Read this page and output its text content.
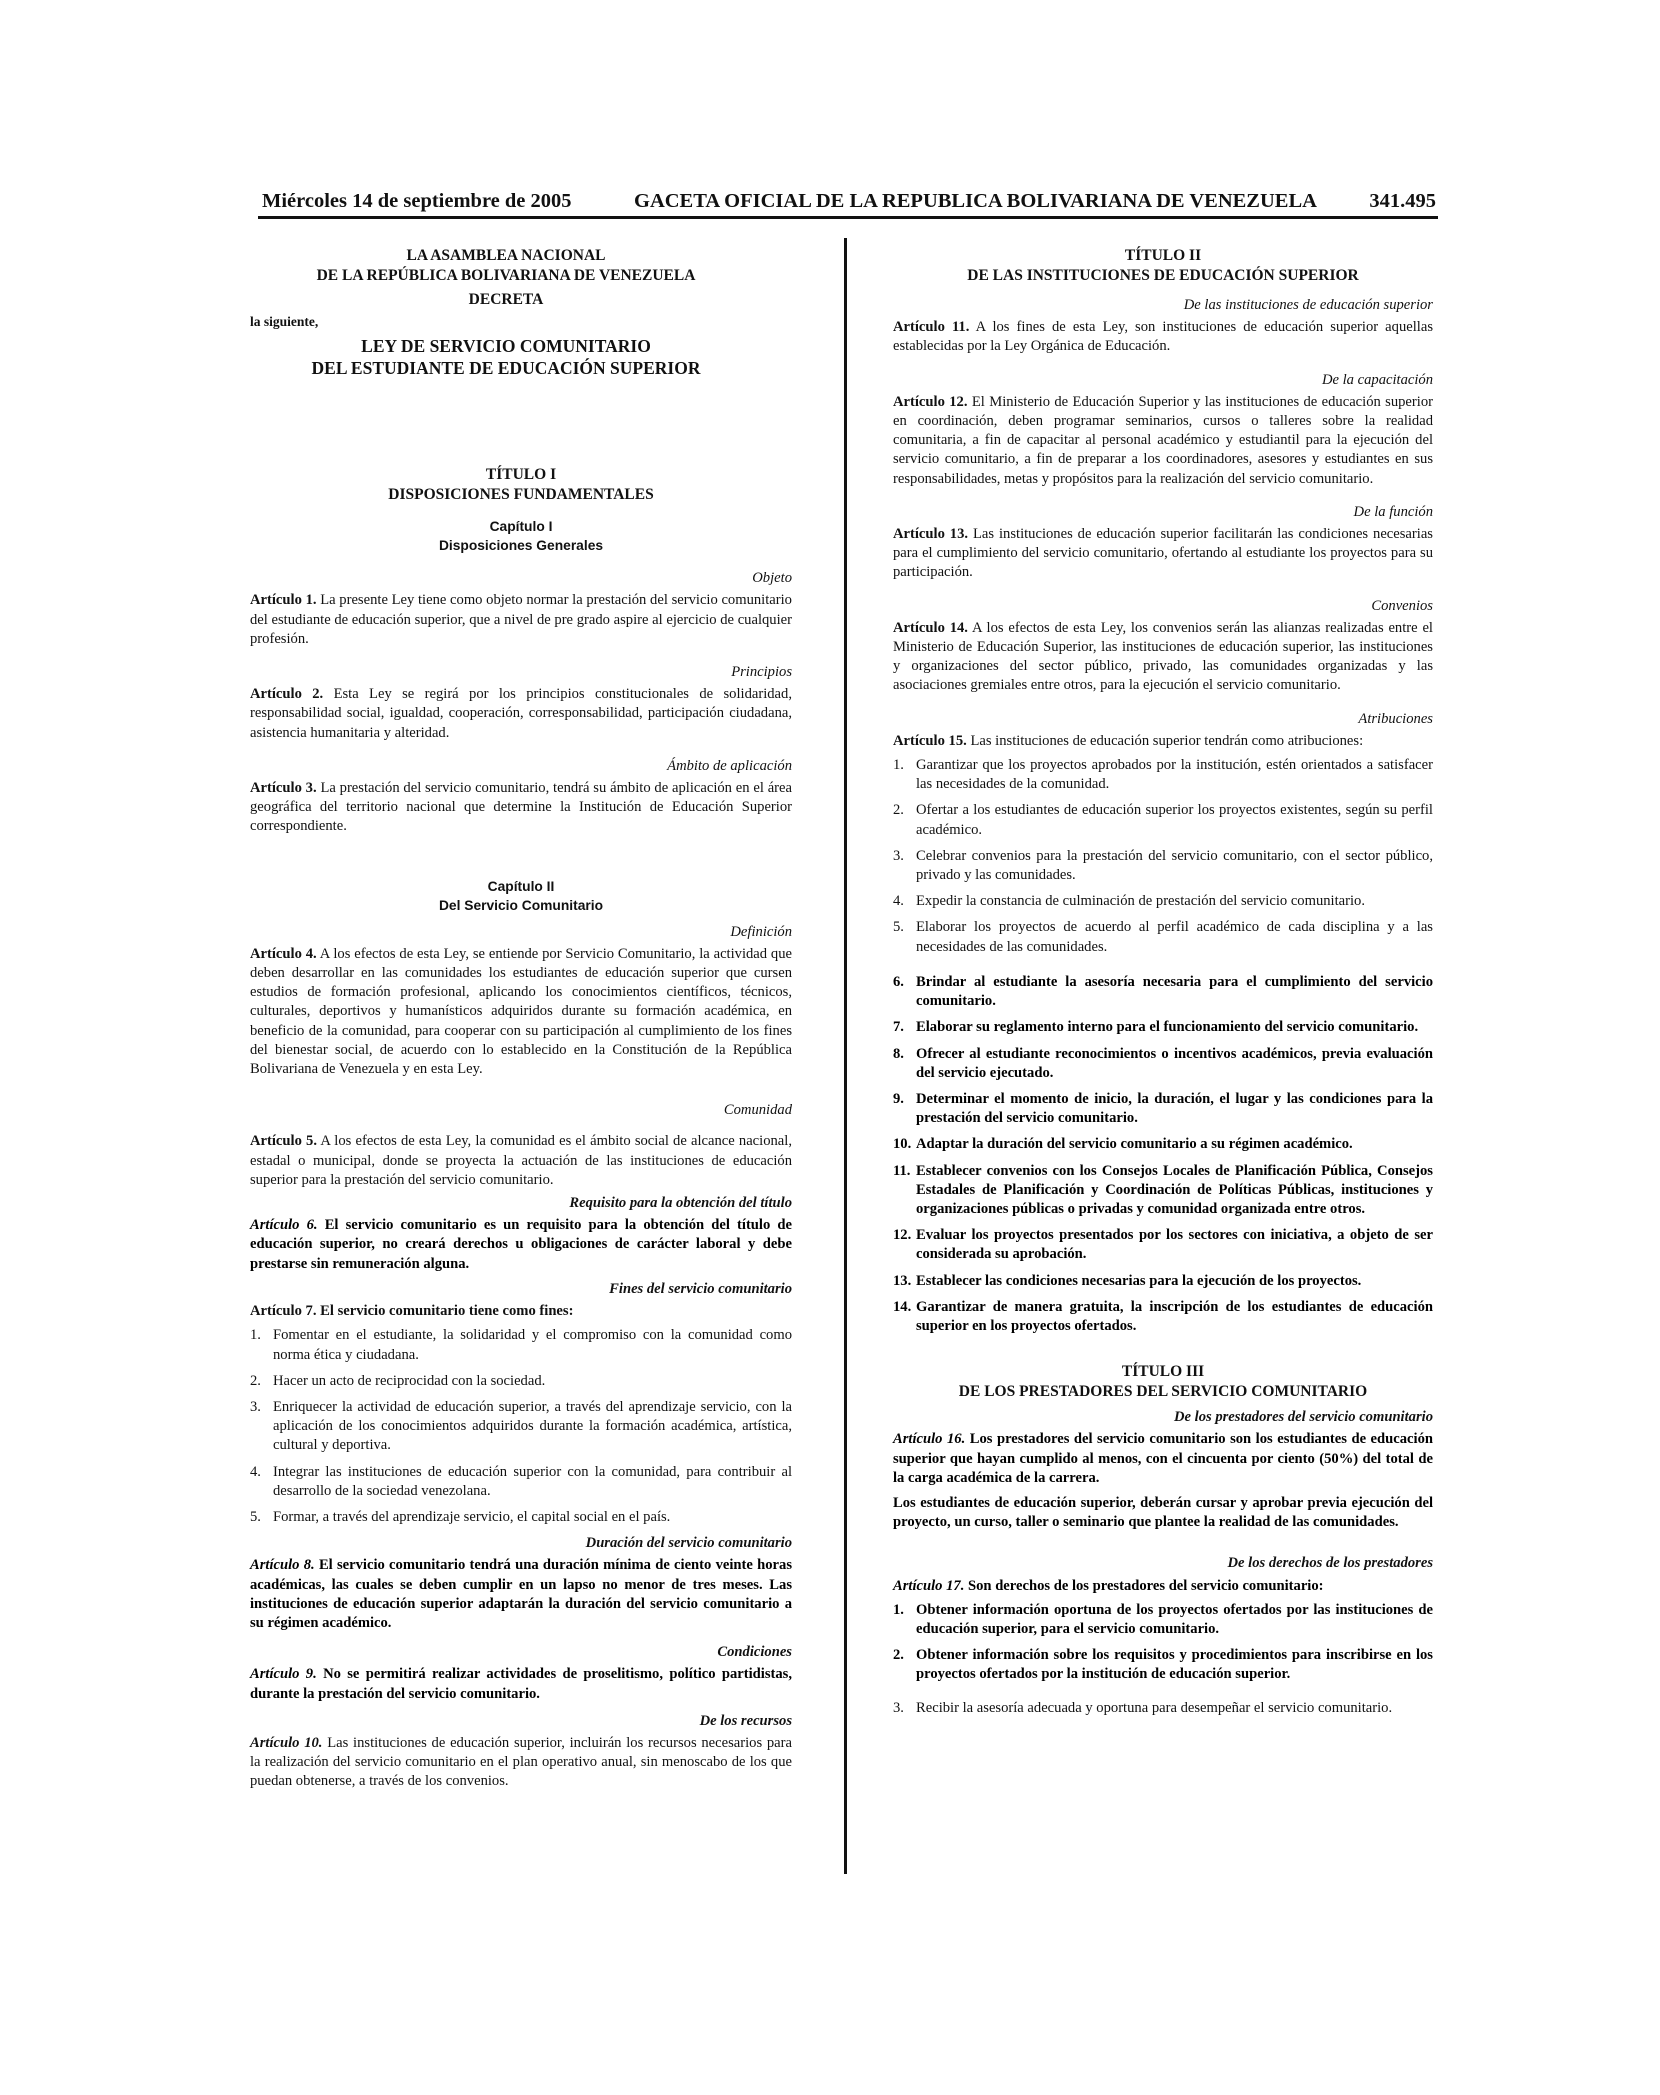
Miércoles 14 de septiembre de 2005	GACETA OFICIAL DE LA REPUBLICA BOLIVARIANA DE VENEZUELA	341.495
LA ASAMBLEA NACIONAL
DE LA REPÚBLICA BOLIVARIANA DE VENEZUELA
DECRETA
la siguiente,
LEY DE SERVICIO COMUNITARIO
DEL ESTUDIANTE DE EDUCACIÓN SUPERIOR
TÍTULO I
DISPOSICIONES FUNDAMENTALES
Capítulo I
Disposiciones Generales
Objeto

Artículo 1. La presente Ley tiene como objeto normar la prestación del servicio comunitario del estudiante de educación superior, que a nivel de pre grado aspire al ejercicio de cualquier profesión.

Principios

Artículo 2. Esta Ley se regirá por los principios constitucionales de solidaridad, responsabilidad social, igualdad, cooperación, corresponsabilidad, participación ciudadana, asistencia humanitaria y alteridad.

Ámbito de aplicación

Artículo 3. La prestación del servicio comunitario, tendrá su ámbito de aplicación en el área geográfica del territorio nacional que determine la Institución de Educación Superior correspondiente.

Capítulo II
Del Servicio Comunitario
Definición

Artículo 4. A los efectos de esta Ley, se entiende por Servicio Comunitario, la actividad que deben desarrollar en las comunidades los estudiantes de educación superior que cursen estudios de formación profesional, aplicando los conocimientos científicos, técnicos, culturales, deportivos y humanísticos adquiridos durante su formación académica, en beneficio de la comunidad, para cooperar con su participación al cumplimiento de los fines del bienestar social, de acuerdo con lo establecido en la Constitución de la República Bolivariana de Venezuela y en esta Ley.

Comunidad

Artículo 5. A los efectos de esta Ley, la comunidad es el ámbito social de alcance nacional, estadal o municipal, donde se proyecta la actuación de las instituciones de educación superior para la prestación del servicio comunitario.

Requisito para la obtención del título

Artículo 6. El servicio comunitario es un requisito para la obtención del título de educación superior, no creará derechos u obligaciones de carácter laboral y debe prestarse sin remuneración alguna.

Fines del servicio comunitario

Artículo 7. El servicio comunitario tiene como fines:

1. Fomentar en el estudiante, la solidaridad y el compromiso con la comunidad como norma ética y ciudadana.
2. Hacer un acto de reciprocidad con la sociedad.
3. Enriquecer la actividad de educación superior, a través del aprendizaje servicio, con la aplicación de los conocimientos adquiridos durante la formación académica, artística, cultural y deportiva.
4. Integrar las instituciones de educación superior con la comunidad, para contribuir al desarrollo de la sociedad venezolana.
5. Formar, a través del aprendizaje servicio, el capital social en el país.
Duración del servicio comunitario

Artículo 8. El servicio comunitario tendrá una duración mínima de ciento veinte horas académicas, las cuales se deben cumplir en un lapso no menor de tres meses. Las instituciones de educación superior adaptarán la duración del servicio comunitario a su régimen académico.

Condiciones

Artículo 9. No se permitirá realizar actividades de proselitismo, político partidistas, durante la prestación del servicio comunitario.

De los recursos

Artículo 10. Las instituciones de educación superior, incluirán los recursos necesarios para la realización del servicio comunitario en el plan operativo anual, sin menoscabo de los que puedan obtenerse, a través de los convenios.

TÍTULO II
DE LAS INSTITUCIONES DE EDUCACIÓN SUPERIOR
De las instituciones de educación superior

Artículo 11. A los fines de esta Ley, son instituciones de educación superior aquellas establecidas por la Ley Orgánica de Educación.

De la capacitación

Artículo 12. El Ministerio de Educación Superior y las instituciones de educación superior en coordinación, deben programar seminarios, cursos o talleres sobre la realidad comunitaria, a fin de capacitar al personal académico y estudiantil para la ejecución del servicio comunitario, a fin de preparar a los coordinadores, asesores y estudiantes en sus responsabilidades, metas y propósitos para la realización del servicio comunitario.

De la función

Artículo 13. Las instituciones de educación superior facilitarán las condiciones necesarias para el cumplimiento del servicio comunitario, ofertando al estudiante los proyectos para su participación.

Convenios

Artículo 14. A los efectos de esta Ley, los convenios serán las alianzas realizadas entre el Ministerio de Educación Superior, las instituciones de educación superior, las instituciones y organizaciones del sector público, privado, las comunidades organizadas y las asociaciones gremiales entre otros, para la ejecución el servicio comunitario.

Atribuciones

Artículo 15. Las instituciones de educación superior tendrán como atribuciones:

1. Garantizar que los proyectos aprobados por la institución, estén orientados a satisfacer las necesidades de la comunidad.
2. Ofertar a los estudiantes de educación superior los proyectos existentes, según su perfil académico.
3. Celebrar convenios para la prestación del servicio comunitario, con el sector público, privado y las comunidades.
4. Expedir la constancia de culminación de prestación del servicio comunitario.
5. Elaborar los proyectos de acuerdo al perfil académico de cada disciplina y a las necesidades de las comunidades.
6. Brindar al estudiante la asesoría necesaria para el cumplimiento del servicio comunitario.
7. Elaborar su reglamento interno para el funcionamiento del servicio comunitario.
8. Ofrecer al estudiante reconocimientos o incentivos académicos, previa evaluación del servicio ejecutado.
9. Determinar el momento de inicio, la duración, el lugar y las condiciones para la prestación del servicio comunitario.
10. Adaptar la duración del servicio comunitario a su régimen académico.
11. Establecer convenios con los Consejos Locales de Planificación Pública, Consejos Estadales de Planificación y Coordinación de Políticas Públicas, instituciones y organizaciones públicas o privadas y comunidad organizada entre otros.
12. Evaluar los proyectos presentados por los sectores con iniciativa, a objeto de ser considerada su aprobación.
13. Establecer las condiciones necesarias para la ejecución de los proyectos.
14. Garantizar de manera gratuita, la inscripción de los estudiantes de educación superior en los proyectos ofertados.
TÍTULO III
DE LOS PRESTADORES DEL SERVICIO COMUNITARIO
De los prestadores del servicio comunitario

Artículo 16. Los prestadores del servicio comunitario son los estudiantes de educación superior que hayan cumplido al menos, con el cincuenta por ciento (50%) del total de la carga académica de la carrera.

Los estudiantes de educación superior, deberán cursar y aprobar previa ejecución del proyecto, un curso, taller o seminario que plantee la realidad de las comunidades.

De los derechos de los prestadores

Artículo 17. Son derechos de los prestadores del servicio comunitario:

1. Obtener información oportuna de los proyectos ofertados por las instituciones de educación superior, para el servicio comunitario.
2. Obtener información sobre los requisitos y procedimientos para inscribirse en los proyectos ofertados por la institución de educación superior.
3. Recibir la asesoría adecuada y oportuna para desempeñar el servicio comunitario.
